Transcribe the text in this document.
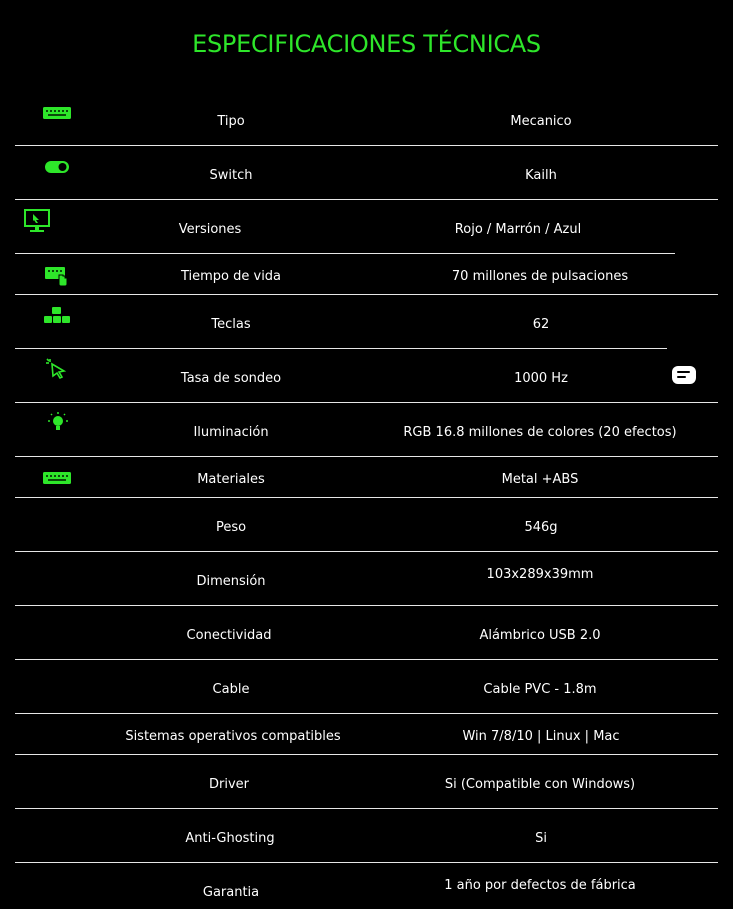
ESPECIFICACIONES TÉCNICAS
Tipo	Mecanico
Switch	Kailh
Versiones	Rojo / Marrón / Azul
Tiempo de vida	70 millones de pulsaciones
Teclas	62
Tasa de sondeo	1000 Hz
Iluminación	RGB 16.8 millones de colores (20 efectos)
Materiales	Metal +ABS
Peso	546g
Dimensión	103x289x39mm
Conectividad	Alámbrico USB 2.0
Cable	Cable PVC - 1.8m
Sistemas operativos compatibles	Win 7/8/10 | Linux | Mac
Driver	Si (Compatible con Windows)
Anti-Ghosting	Si
Garantia	1 año por defectos de fábrica
